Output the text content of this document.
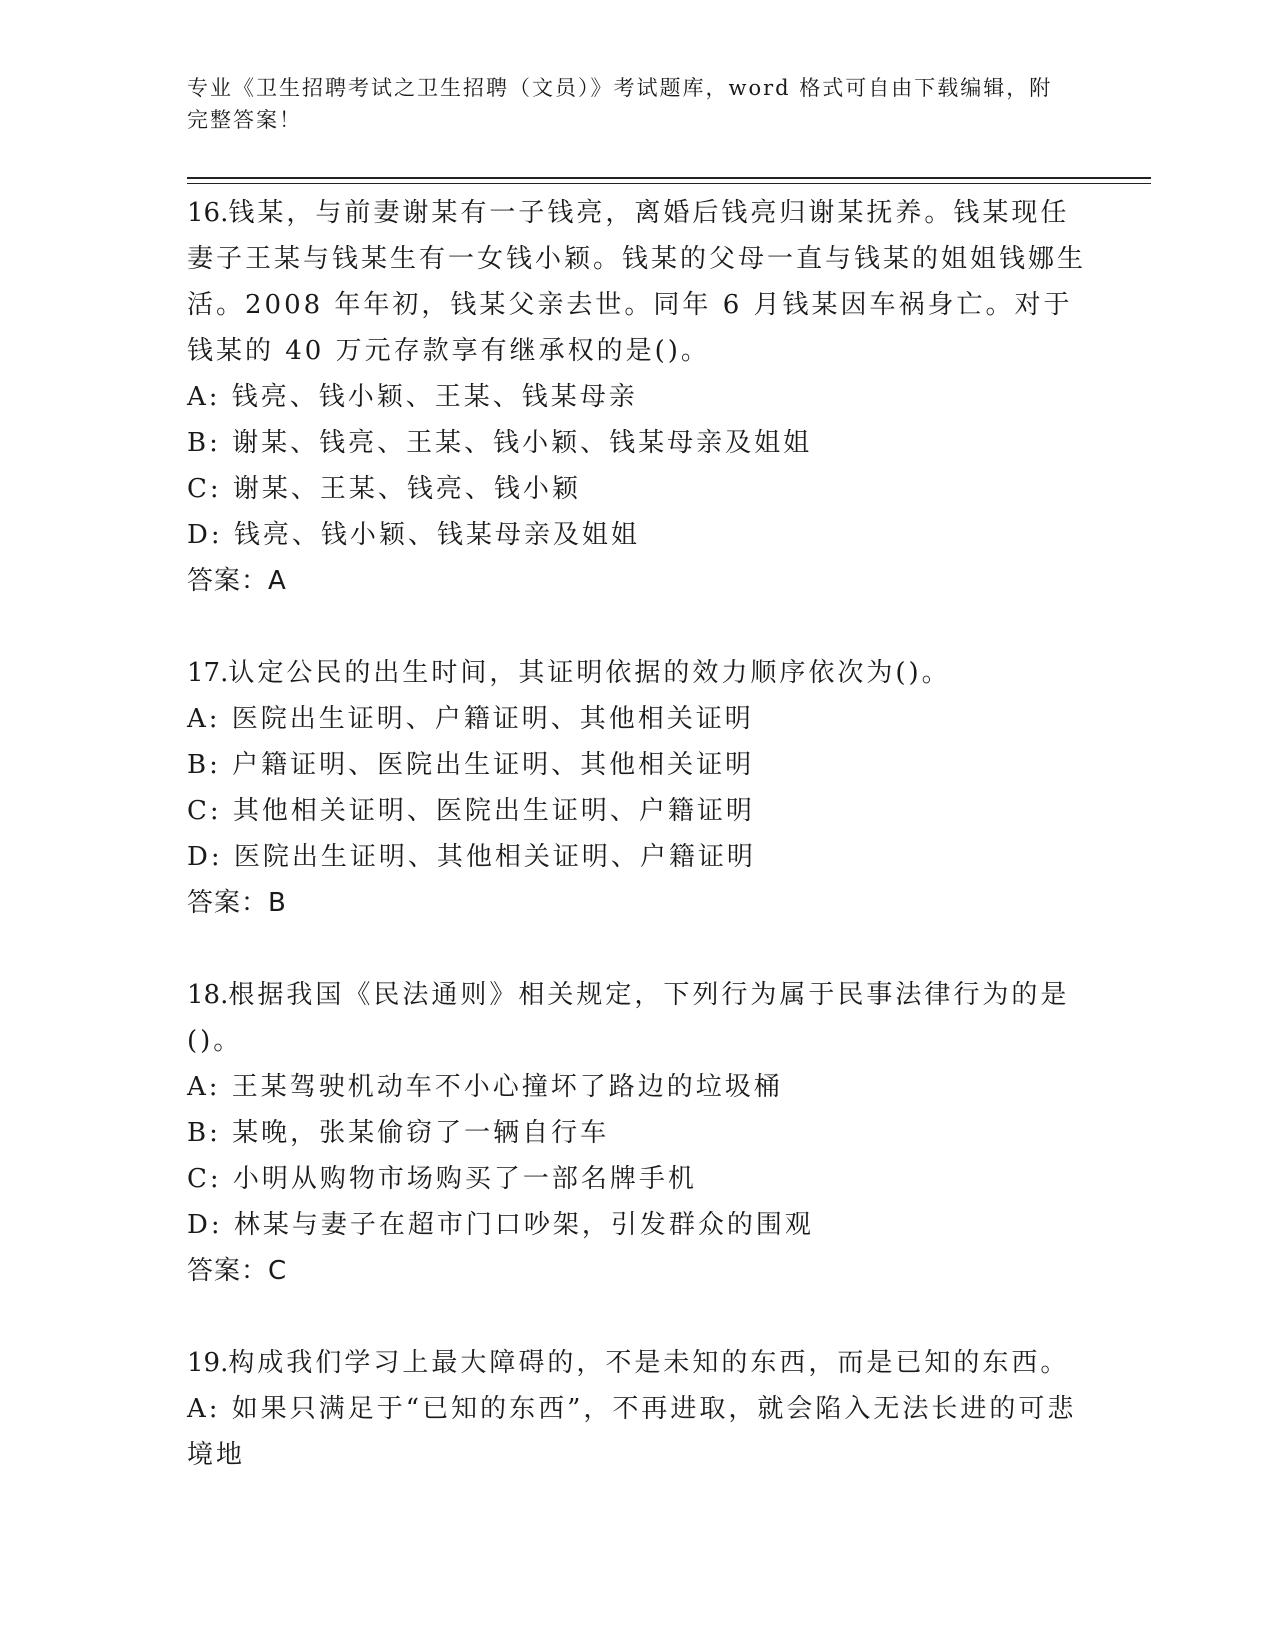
专业《卫生招聘考试之卫生招聘（文员）》考试题库，word 格式可自由下载编辑，附完整答案！

16.钱某，与前妻谢某有一子钱亮，离婚后钱亮归谢某抚养。钱某现任妻子王某与钱某生有一女钱小颖。钱某的父母一直与钱某的姐姐钱娜生活。2008 年年初，钱某父亲去世。同年 6 月钱某因车祸身亡。对于钱某的 40 万元存款享有继承权的是()。

A: 钱亮、钱小颖、王某、钱某母亲

B: 谢某、钱亮、王某、钱小颖、钱某母亲及姐姐

C: 谢某、王某、钱亮、钱小颖

D: 钱亮、钱小颖、钱某母亲及姐姐

答案：A

17.认定公民的出生时间，其证明依据的效力顺序依次为()。

A: 医院出生证明、户籍证明、其他相关证明

B: 户籍证明、医院出生证明、其他相关证明

C: 其他相关证明、医院出生证明、户籍证明

D: 医院出生证明、其他相关证明、户籍证明

答案：B

18.根据我国《民法通则》相关规定，下列行为属于民事法律行为的是()。

A: 王某驾驶机动车不小心撞坏了路边的垃圾桶

B: 某晚，张某偷窃了一辆自行车

C: 小明从购物市场购买了一部名牌手机

D: 林某与妻子在超市门口吵架，引发群众的围观

答案：C

19.构成我们学习上最大障碍的，不是未知的东西，而是已知的东西。

A: 如果只满足于“已知的东西”，不再进取，就会陷入无法长进的可悲境地
